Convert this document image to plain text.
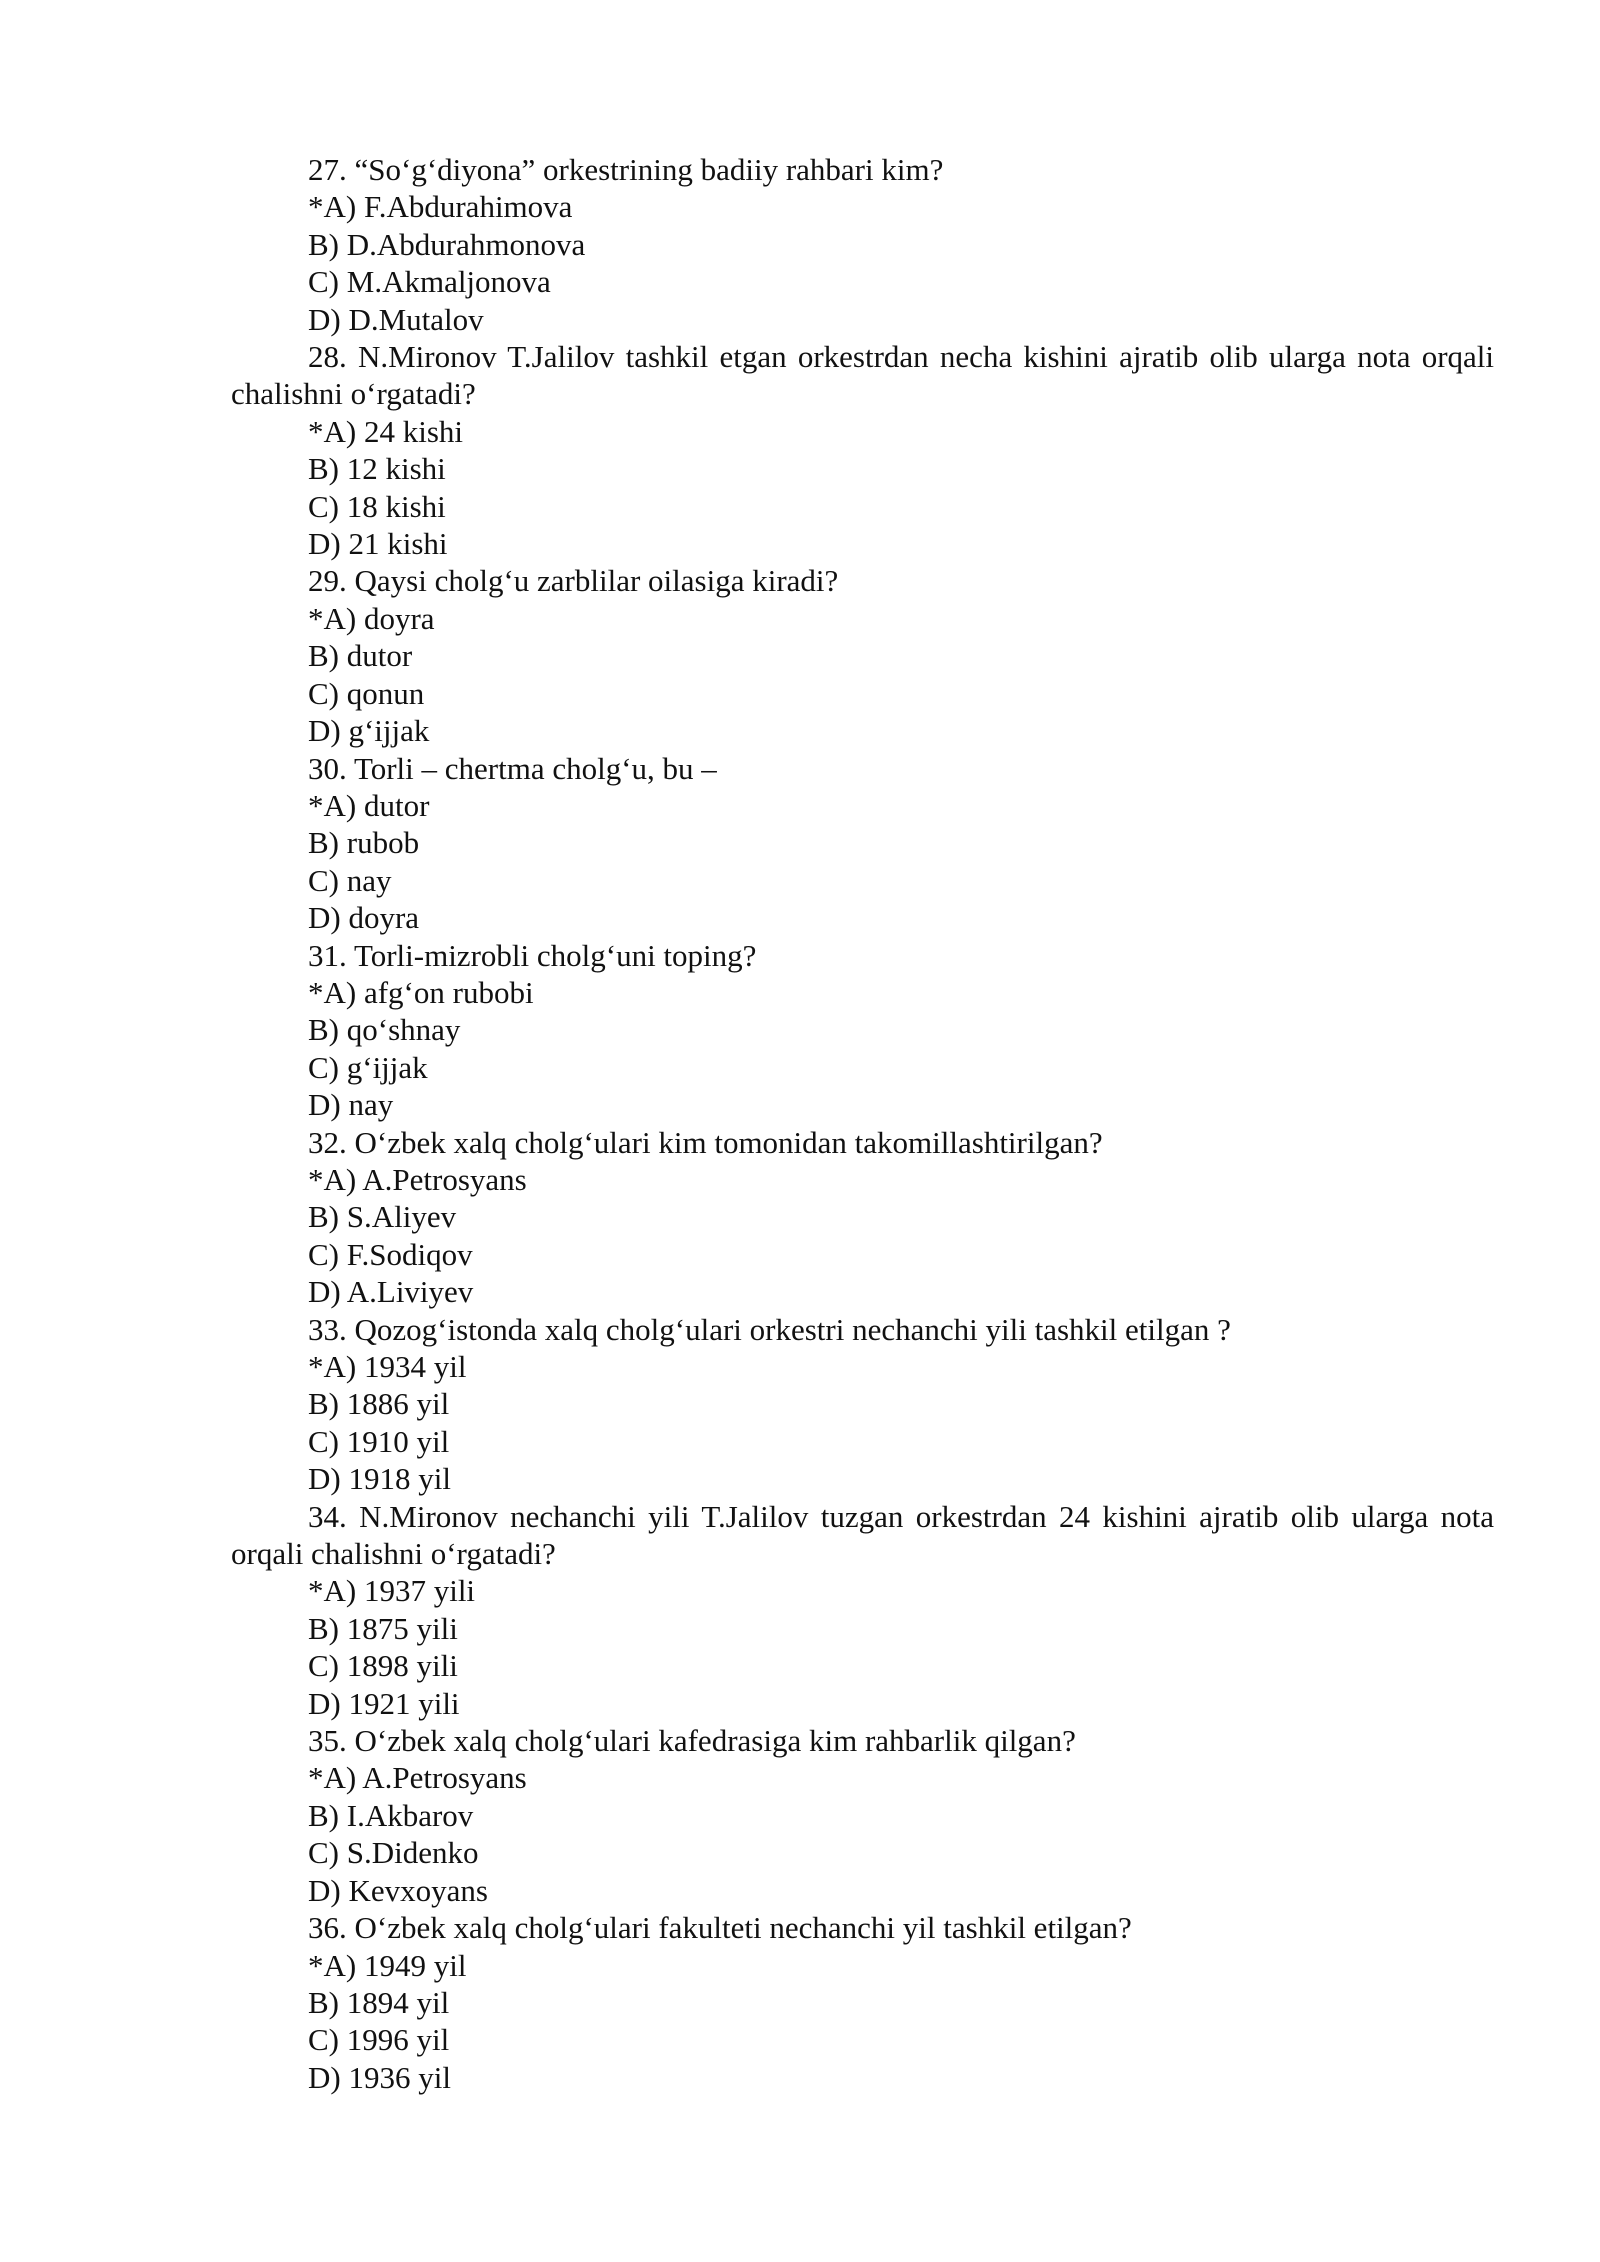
27. “So‘g‘diyona” orkestrining badiiy rahbari kim?

*A) F.Abdurahimova

B) D.Abdurahmonova

C) M.Akmaljonova

D) D.Mutalov

28. N.Mironov T.Jalilov tashkil etgan orkestrdan necha kishini ajratib olib ularga nota orqali chalishni o‘rgatadi?

*A) 24 kishi

B) 12 kishi

C) 18 kishi

D) 21 kishi

29. Qaysi cholg‘u zarblilar oilasiga kiradi?

*A) doyra

B) dutor

C) qonun

D) g‘ijjak

30. Torli – chertma cholg‘u, bu –

*A) dutor

B) rubob

C) nay

D) doyra

31. Torli-mizrobli cholg‘uni toping?

*A) afg‘on rubobi

B) qo‘shnay

C) g‘ijjak

D) nay

32. O‘zbek xalq cholg‘ulari kim tomonidan takomillashtirilgan?

*A) A.Petrosyans

B) S.Aliyev

C) F.Sodiqov

D) A.Liviyev

33. Qozog‘istonda xalq cholg‘ulari orkestri nechanchi yili tashkil etilgan ?

*A) 1934 yil

B) 1886 yil

C) 1910 yil

D) 1918 yil

34. N.Mironov nechanchi yili T.Jalilov tuzgan orkestrdan 24 kishini ajratib olib ularga nota orqali chalishni o‘rgatadi?

*A) 1937 yili

B) 1875 yili

C) 1898 yili

D) 1921 yili

35. O‘zbek xalq cholg‘ulari kafedrasiga kim rahbarlik qilgan?

*A) A.Petrosyans

B) I.Akbarov

C) S.Didenko

D) Kevxoyans

36. O‘zbek xalq cholg‘ulari fakulteti nechanchi yil tashkil etilgan?

*A) 1949 yil

B) 1894 yil

C) 1996 yil

D) 1936 yil
